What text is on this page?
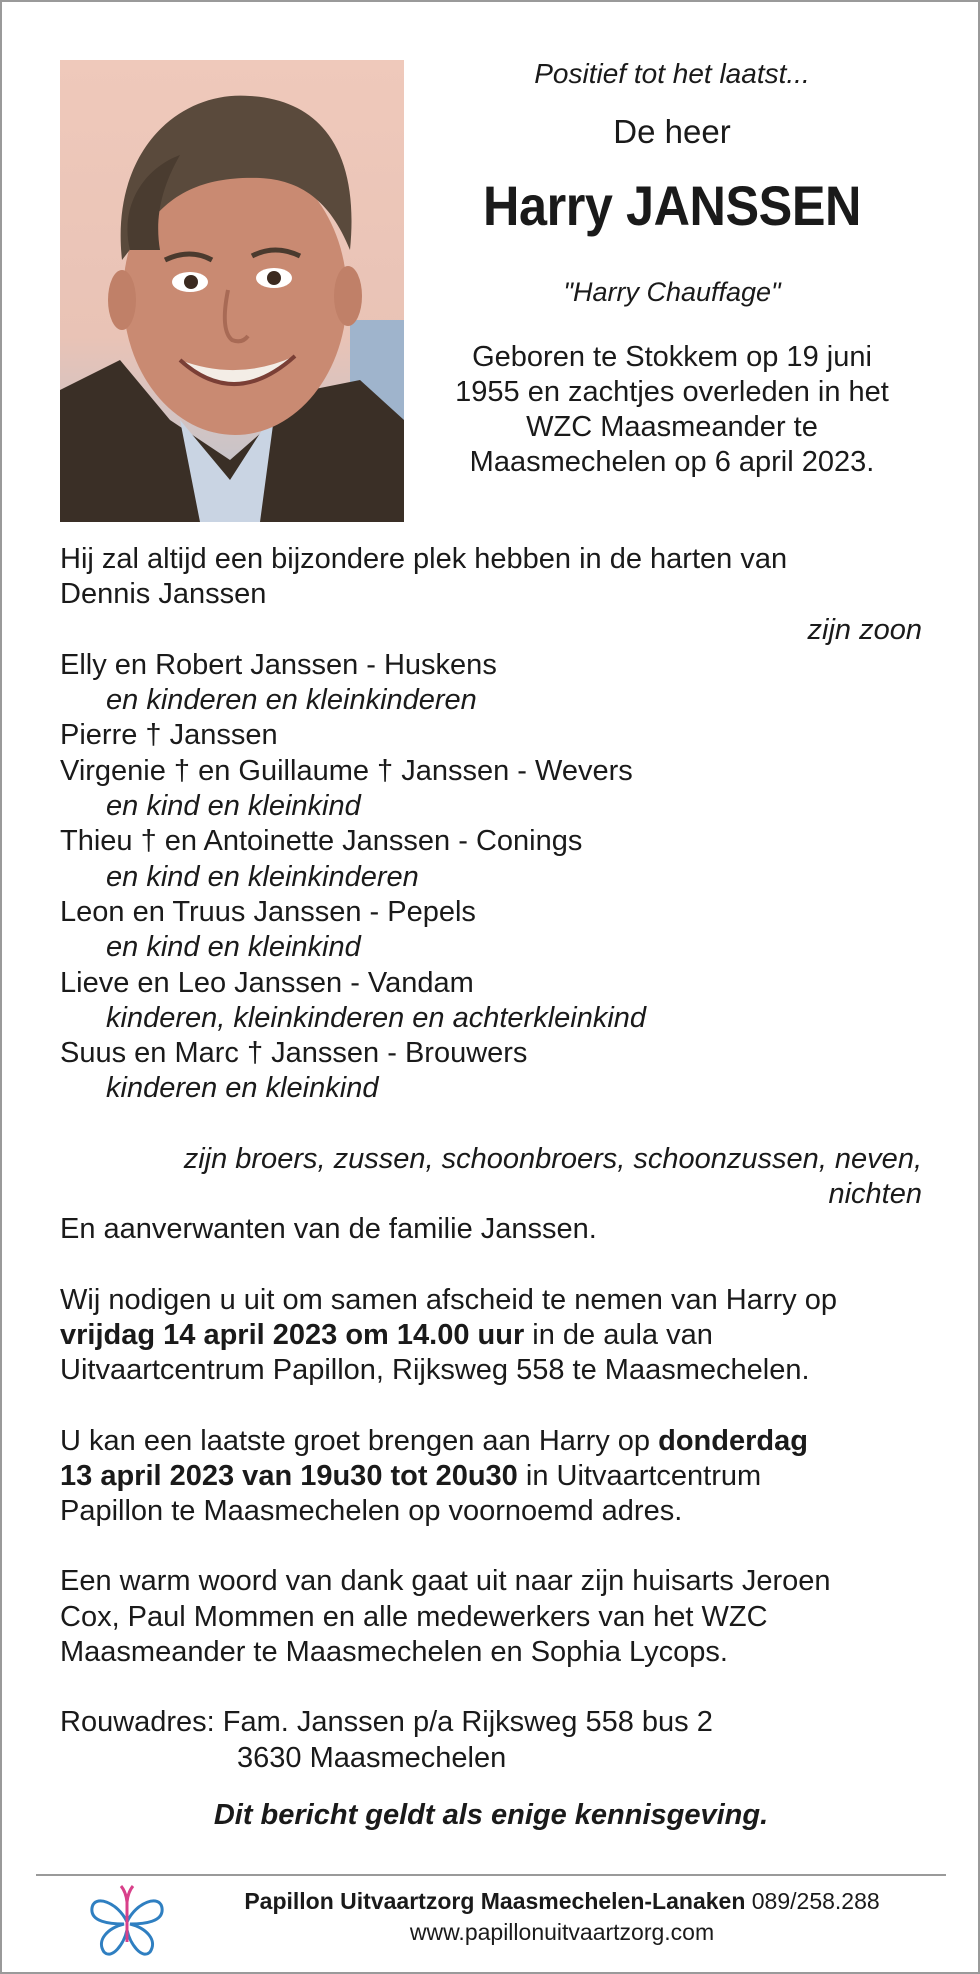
Positief tot het laatst...

De heer

Harry JANSSEN

"Harry Chauffage"

Geboren te Stokkem op 19 juni
1955 en zachtjes overleden in het
WZC Maasmeander te
Maasmechelen op 6 april 2023.

Hij zal altijd een bijzondere plek hebben in de harten van

Dennis Janssen

zijn zoon

Elly en Robert Janssen - Huskens

en kinderen en kleinkinderen

Pierre † Janssen

Virgenie † en Guillaume † Janssen - Wevers

en kind en kleinkind

Thieu † en Antoinette Janssen - Conings

en kind en kleinkinderen

Leon en Truus Janssen - Pepels

en kind en kleinkind

Lieve en Leo Janssen - Vandam

kinderen, kleinkinderen en achterkleinkind

Suus en Marc † Janssen - Brouwers

kinderen en kleinkind

zijn broers, zussen, schoonbroers, schoonzussen, neven,

nichten

En aanverwanten van de familie Janssen.

Wij nodigen u uit om samen afscheid te nemen van Harry op

vrijdag 14 april 2023 om 14.00 uur in de aula van

Uitvaartcentrum Papillon, Rijksweg 558 te Maasmechelen.

U kan een laatste groet brengen aan Harry op donderdag

13 april 2023 van 19u30 tot 20u30 in Uitvaartcentrum

Papillon te Maasmechelen op voornoemd adres.

Een warm woord van dank gaat uit naar zijn huisarts Jeroen

Cox, Paul Mommen en alle medewerkers van het WZC

Maasmeander te Maasmechelen en Sophia Lycops.

Rouwadres: Fam. Janssen p/a Rijksweg 558 bus 2

3630 Maasmechelen

Dit bericht geldt als enige kennisgeving.

Papillon Uitvaartzorg Maasmechelen-Lanaken 089/258.288
www.papillonuitvaartzorg.com
